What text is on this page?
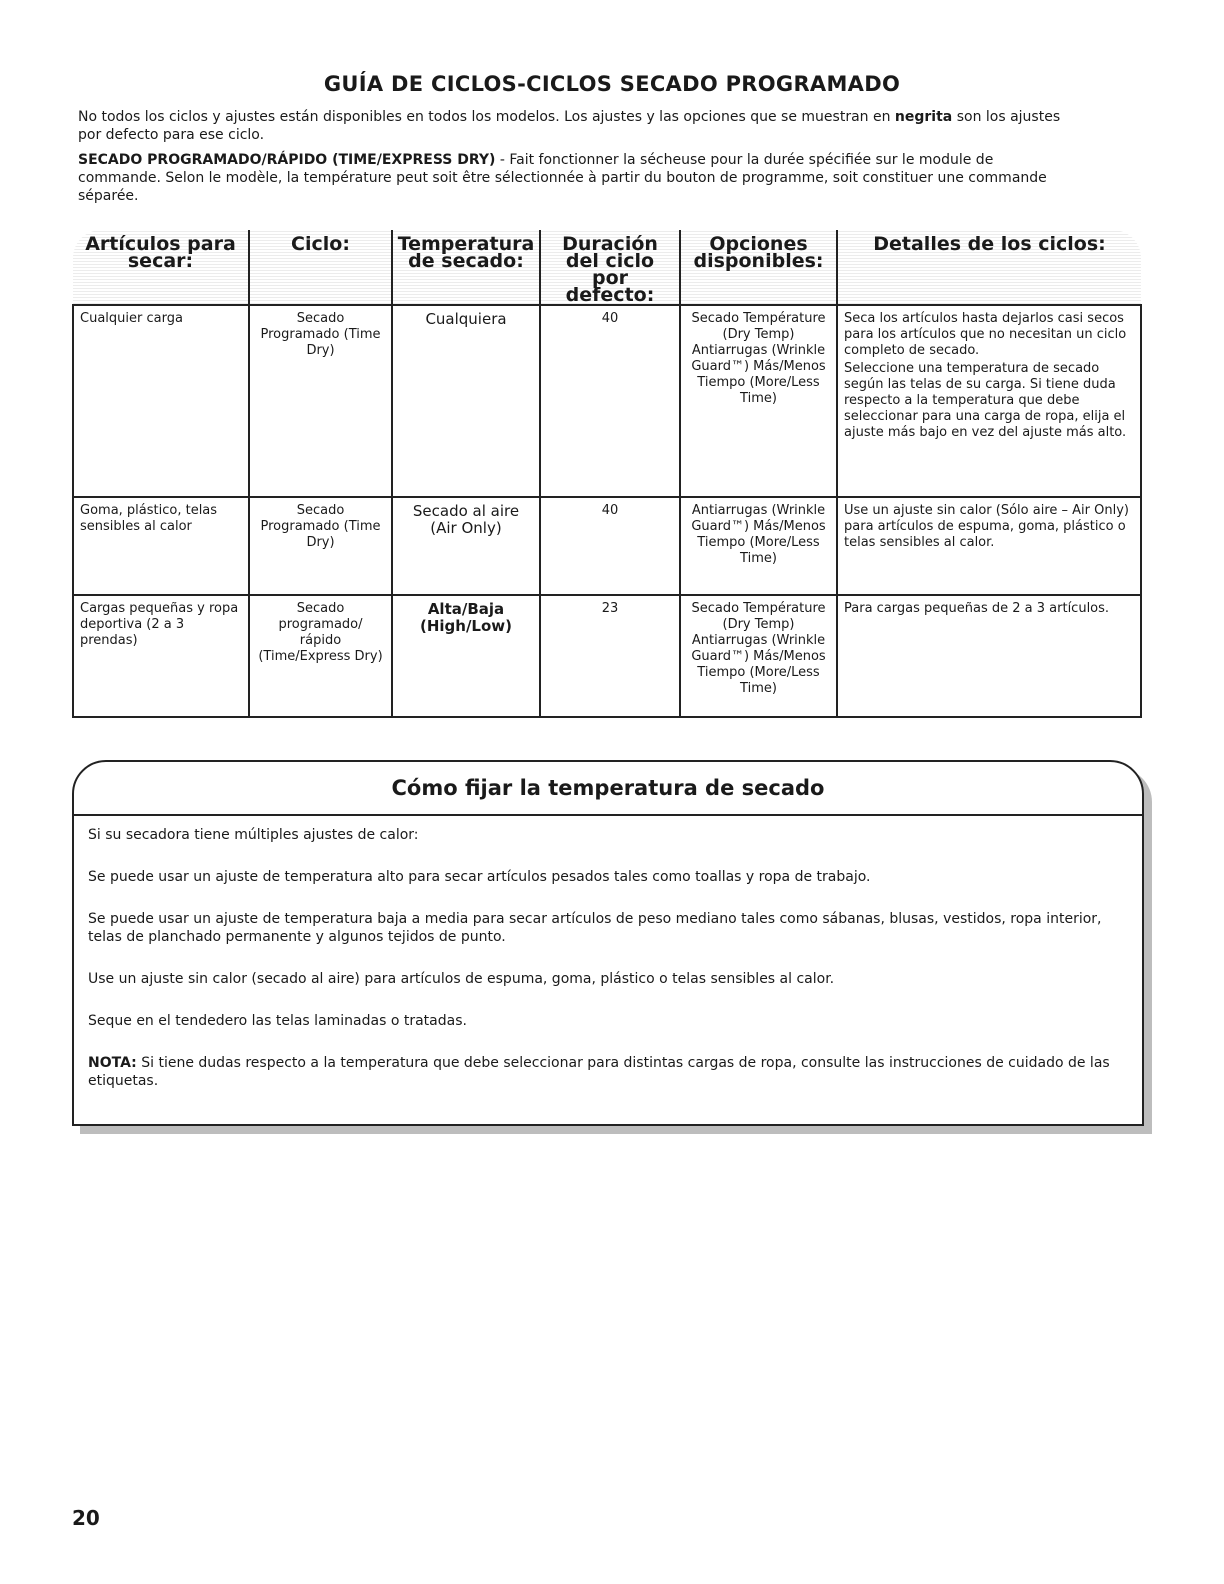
GUÍA DE CICLOS-CICLOS SECADO PROGRAMADO

No todos los ciclos y ajustes están disponibles en todos los modelos. Los ajustes y las opciones que se muestran en negrita son los ajustes por defecto para ese ciclo.

SECADO PROGRAMADO/RÁPIDO (TIME/EXPRESS DRY) - Fait fonctionner la sécheuse pour la durée spécifiée sur le module de commande. Selon le modèle, la température peut soit être sélectionnée à partir du bouton de programme, soit constituer une commande séparée.

Artículos para secar:	Ciclo:	Temperatura de secado:	Duración del ciclo por defecto:	Opciones disponibles:	Detalles de los ciclos:
Cualquier carga	Secado Programado (Time Dry)	Cualquiera	40	Secado Température (Dry Temp) Antiarrugas (Wrinkle Guard™) Más/Menos Tiempo (More/Less Time)	Seca los artículos hasta dejarlos casi secos para los artículos que no necesitan un ciclo completo de secado.

Seleccione una temperatura de secado según las telas de su carga. Si tiene duda respecto a la temperatura que debe seleccionar para una carga de ropa, elija el ajuste más bajo en vez del ajuste más alto.

Goma, plástico, telas sensibles al calor	Secado Programado (Time Dry)	Secado al aire (Air Only)	40	Antiarrugas (Wrinkle Guard™) Más/Menos Tiempo (More/Less Time)	Use un ajuste sin calor (Sólo aire – Air Only) para artículos de espuma, goma, plástico o telas sensibles al calor.
Cargas pequeñas y ropa deportiva (2 a 3 prendas)	Secado programado/ rápido (Time/Express Dry)	Alta/Baja (High/Low)	23	Secado Température (Dry Temp) Antiarrugas (Wrinkle Guard™) Más/Menos Tiempo (More/Less Time)	Para cargas pequeñas de 2 a 3 artículos.
Cómo fijar la temperatura de secado

Si su secadora tiene múltiples ajustes de calor:

Se puede usar un ajuste de temperatura alto para secar artículos pesados tales como toallas y ropa de trabajo.

Se puede usar un ajuste de temperatura baja a media para secar artículos de peso mediano tales como sábanas, blusas, vestidos, ropa interior, telas de planchado permanente y algunos tejidos de punto.

Use un ajuste sin calor (secado al aire) para artículos de espuma, goma, plástico o telas sensibles al calor.

Seque en el tendedero las telas laminadas o tratadas.

NOTA: Si tiene dudas respecto a la temperatura que debe seleccionar para distintas cargas de ropa, consulte las instrucciones de cuidado de las etiquetas.

20
